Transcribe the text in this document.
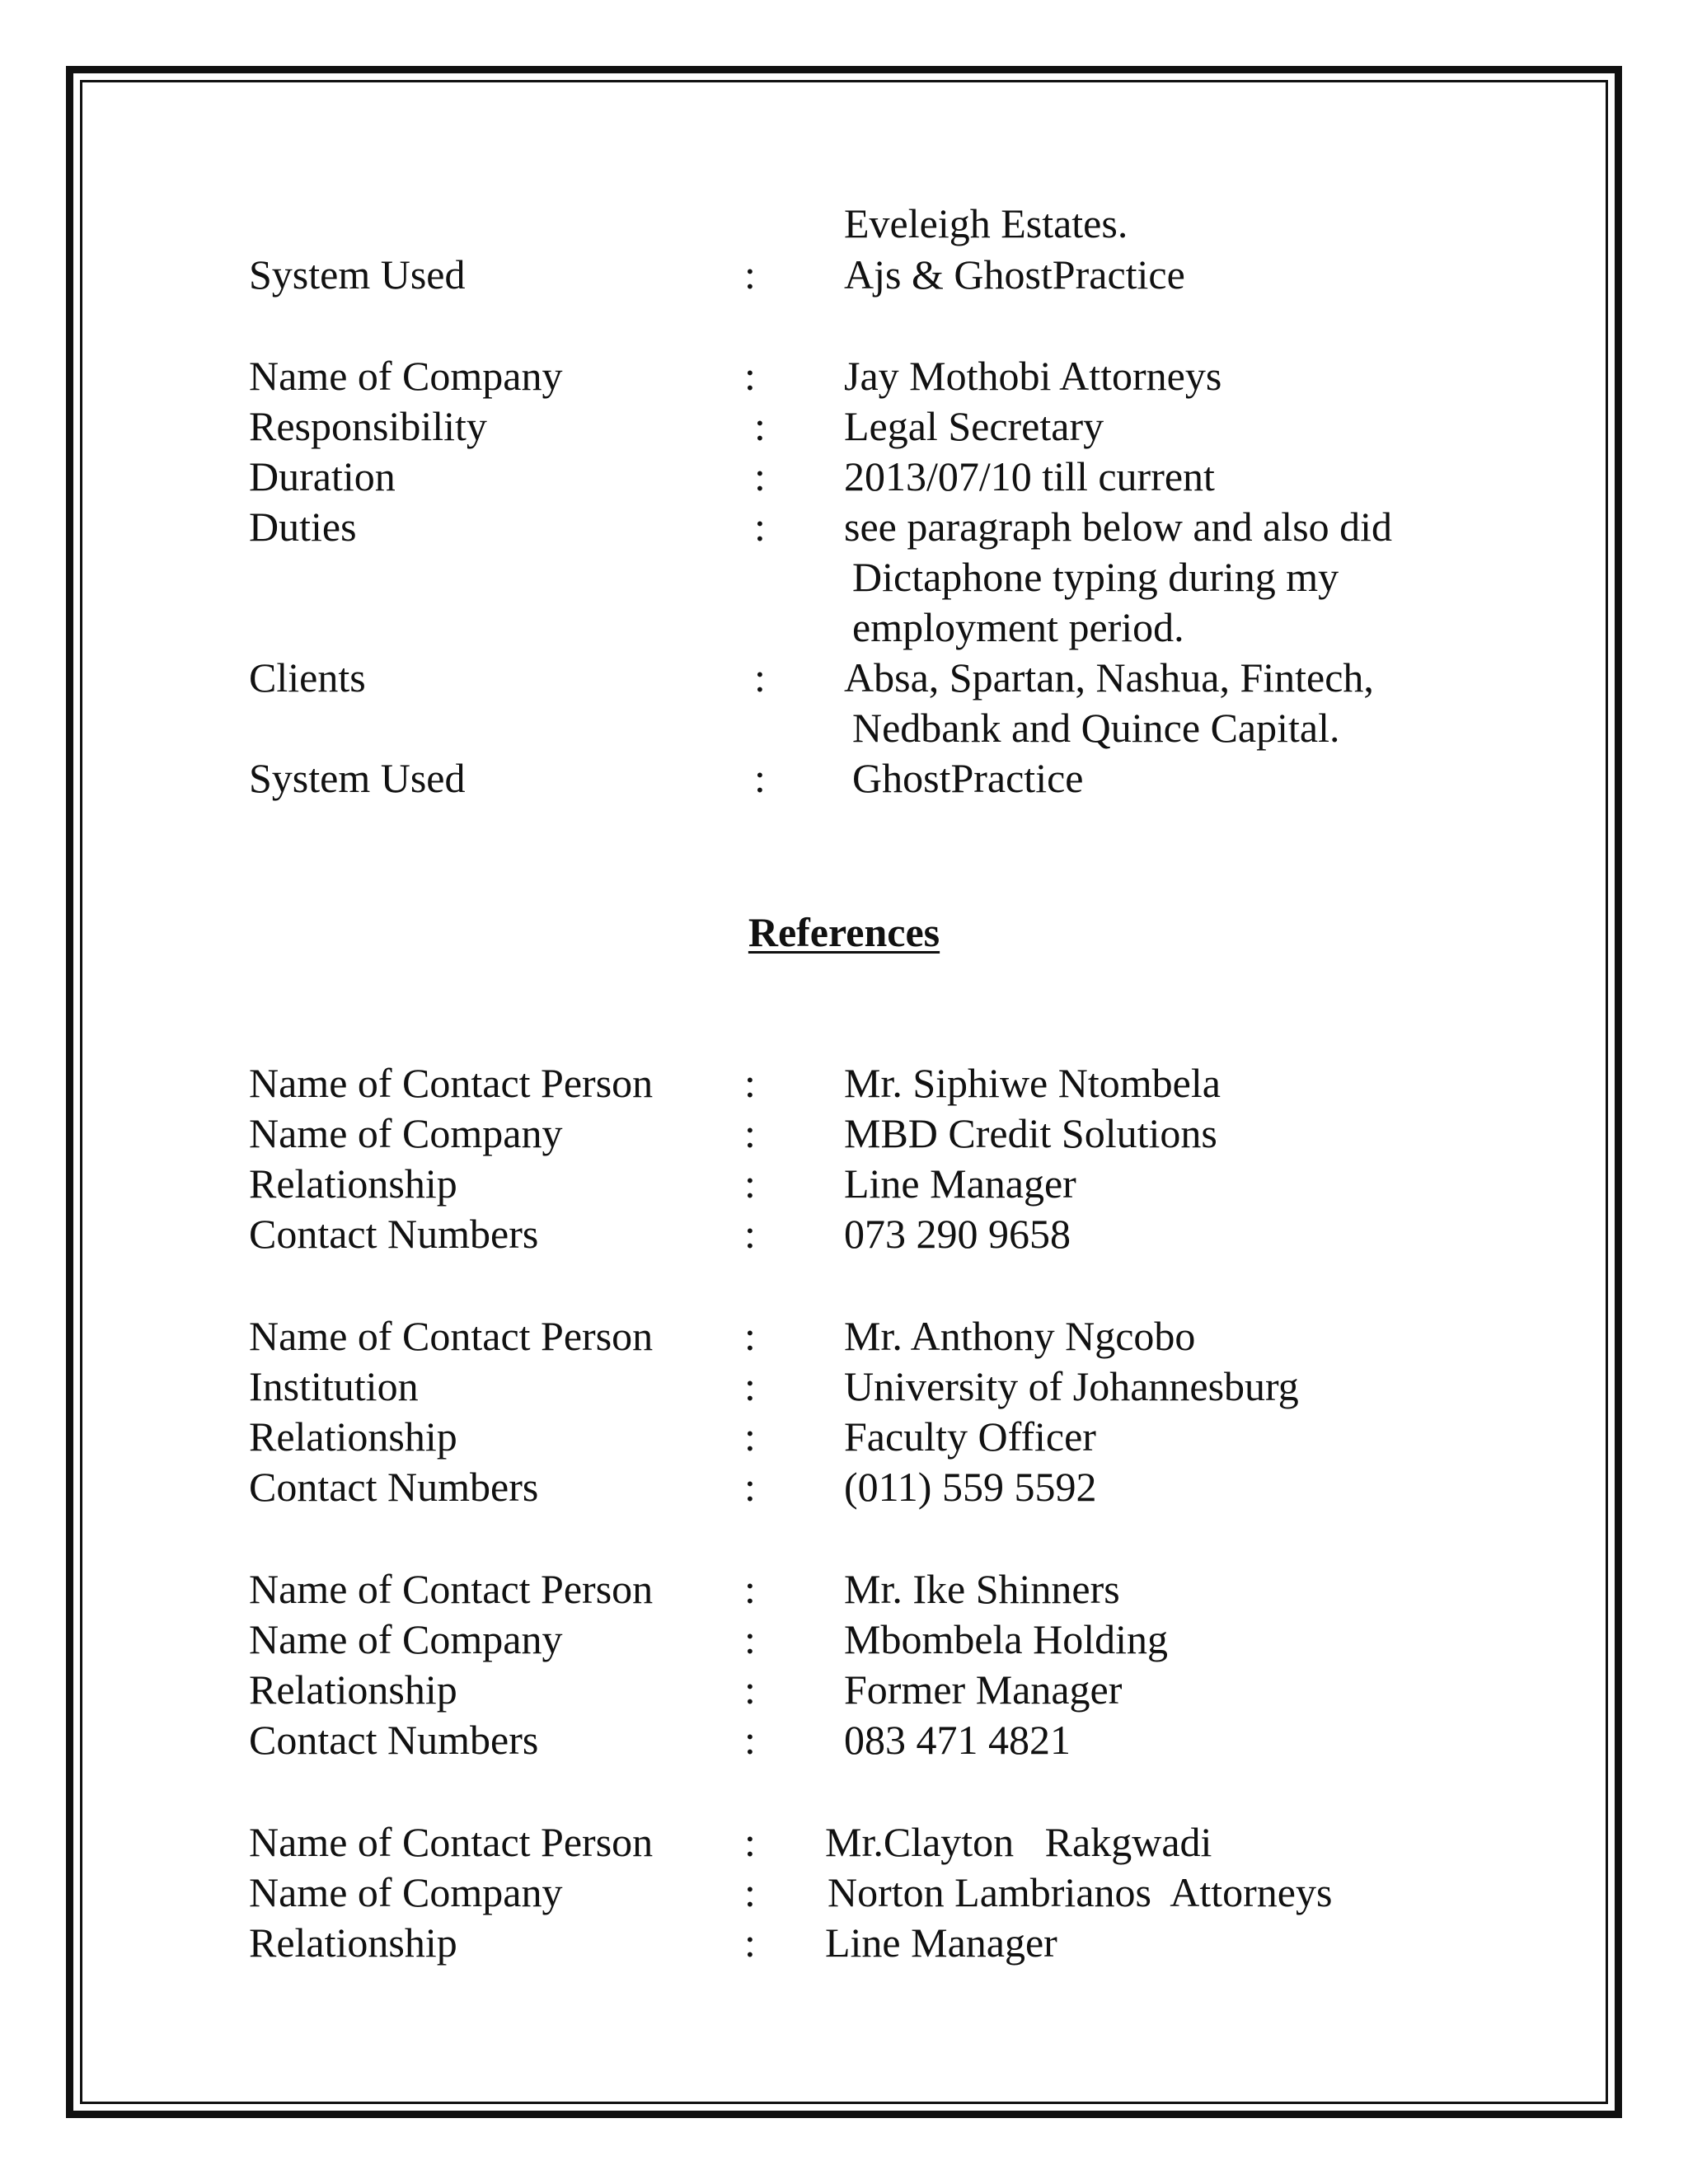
Eveleigh Estates.
System Used	: Ajs & GhostPractice
Name of Company	: Jay Mothobi Attorneys
Responsibility	: Legal Secretary
Duration	: 2013/07/10 till current
Duties	: see paragraph below and also did
Dictaphone typing during my
employment period.
Clients	: Absa, Spartan, Nashua, Fintech,
Nedbank and Quince Capital.
System Used	: GhostPractice
References
Name of Contact Person : Mr. Siphiwe Ntombela
Name of Company	: MBD Credit Solutions
Relationship	: Line Manager
Contact Numbers	: 073 290 9658
Name of Contact Person : Mr. Anthony Ngcobo
Institution	: University of Johannesburg
Relationship	: Faculty Officer
Contact Numbers	: (011) 559 5592
Name of Contact Person : Mr. Ike Shinners
Name of Company	: Mbombela Holding
Relationship	: Former Manager
Contact Numbers	: 083 471 4821
Name of Contact Person : Mr.Clayton   Rakgwadi
Name of Company	: Norton Lambrianos  Attorneys
Relationship	: Line Manager
